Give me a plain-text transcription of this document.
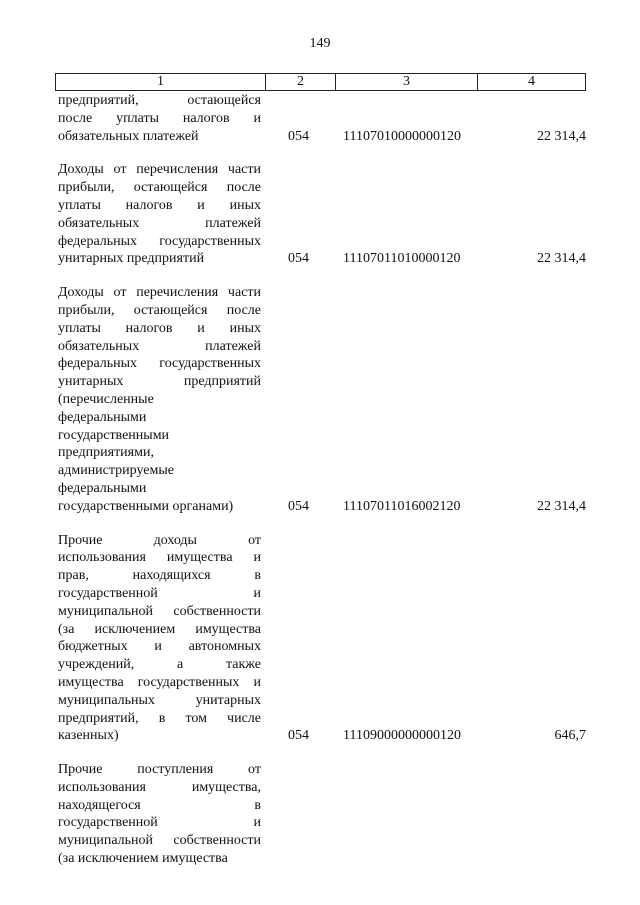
149
1	2	3	4
предприятий, остающейся
после уплаты налогов и
обязательных платежей	054 11107010000000120	22 314,4
Доходы от перечисления части
прибыли, остающейся после
уплаты налогов и иных
обязательных платежей
федеральных государственных
унитарных предприятий	054 11107011010000120	22 314,4
Доходы от перечисления части
прибыли, остающейся после
уплаты налогов и иных
обязательных платежей
федеральных государственных
унитарных предприятий
(перечисленные
федеральными
государственными
предприятиями,
администрируемые
федеральными
государственными органами)	054 11107011016002120	22 314,4
Прочие доходы от
использования имущества и
прав, находящихся в
государственной и
муниципальной собственности
(за исключением имущества
бюджетных и автономных
учреждений, а также
имущества государственных и
муниципальных унитарных
предприятий, в том числе
казенных)	054 11109000000000120	646,7
Прочие поступления от
использования имущества,
находящегося в
государственной и
муниципальной собственности
(за исключением имущества
